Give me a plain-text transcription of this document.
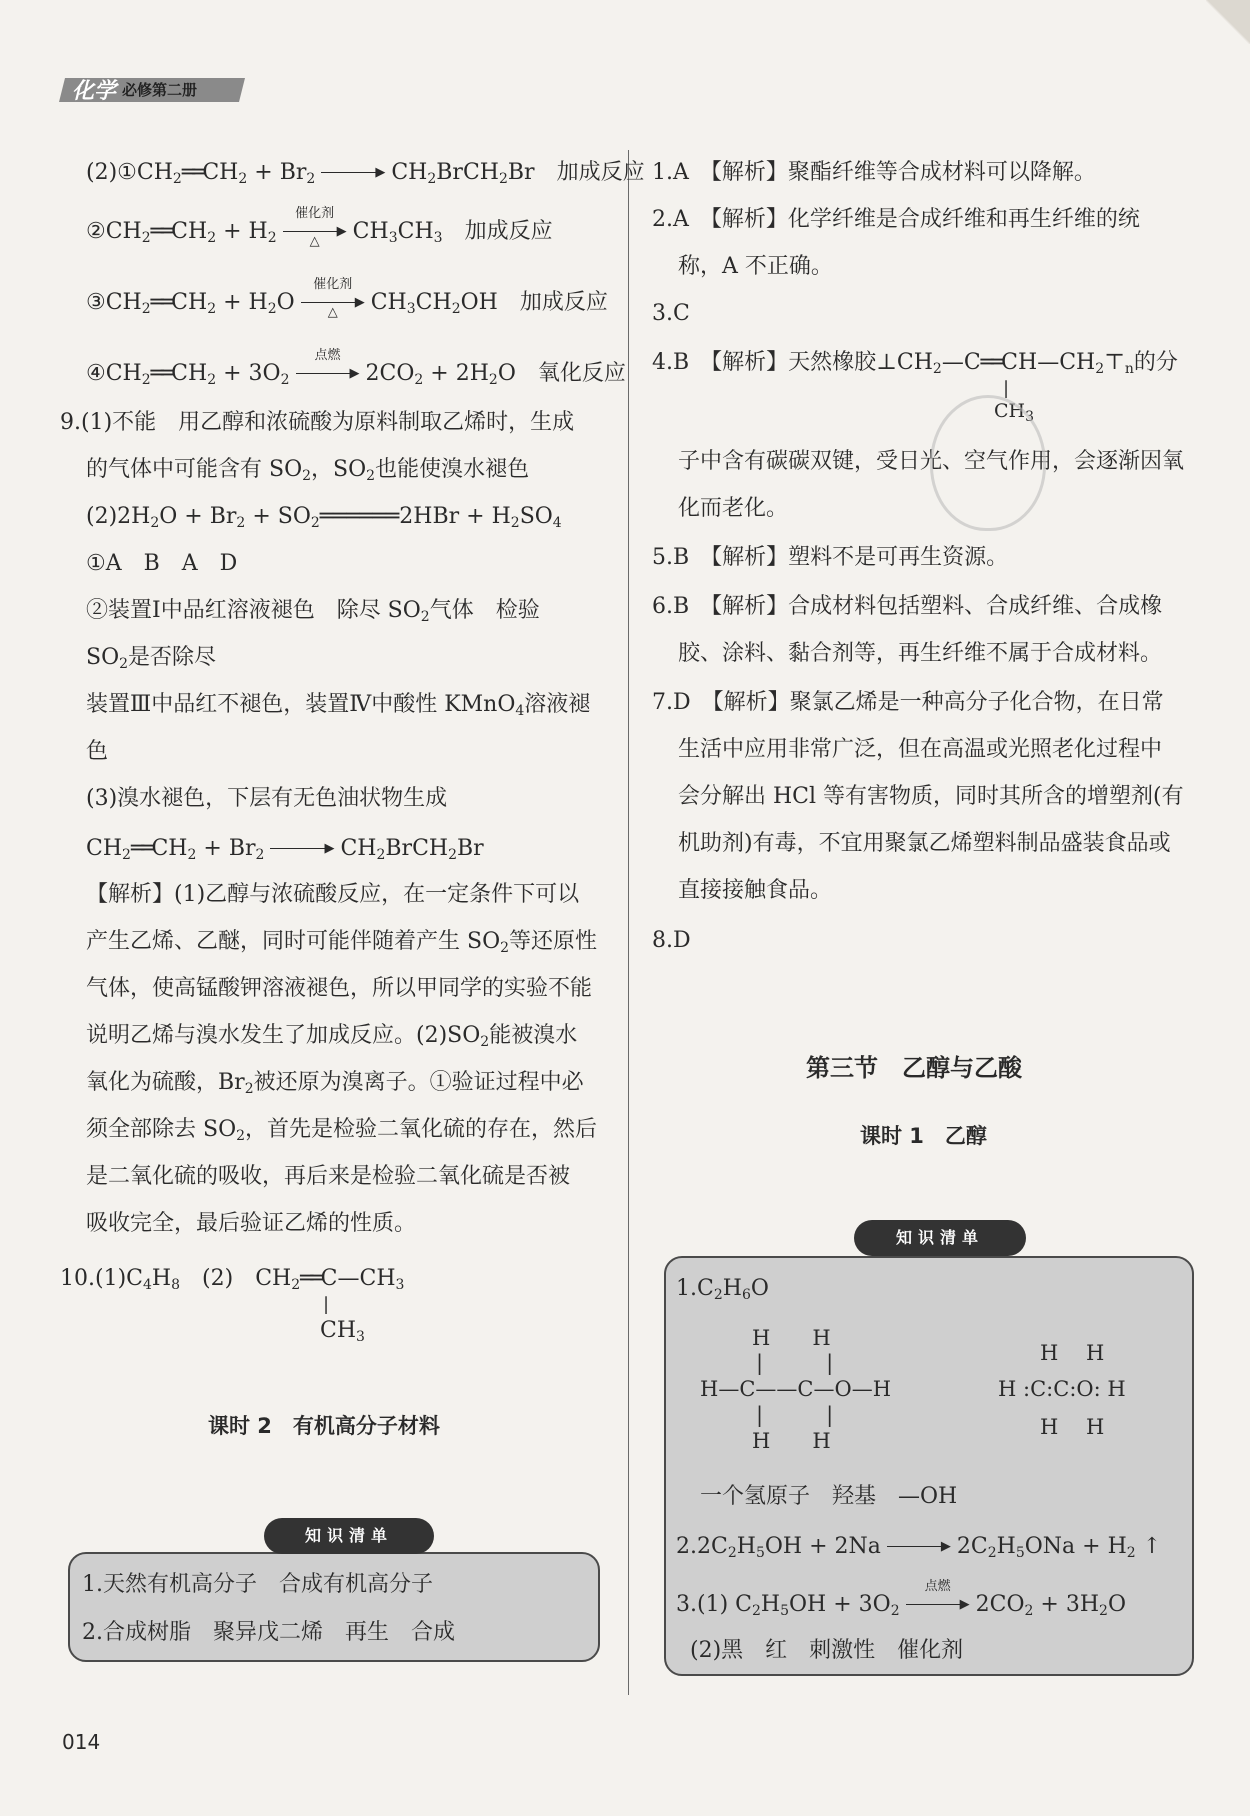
化学 必修第二册
$(2)①CH_2══CH_2 + Br_2$	▶ $CH_2BrCH_2Br$　 加成反应
$②CH_2══CH_2 + H_2$
催化剂
▶
△	$CH_3CH_3$　 加成反应
$③CH_2══CH_2 + H_2O$
催化剂
▶
△	$CH_3CH_2OH$　 加成反应
$④CH_2══CH_2 + 3O_2$
点燃
▶ $2CO_2 + 2H_2O$　 氧化反应
9.(1)不能　用乙醇和浓硫酸为原料制取乙烯时，生成
的气体中可能含有 $SO_2$，$SO_2$也能使溴水褪色
$(2)2H_2O + Br_2$ + $SO_2══════2HBr + H_2SO_4$
①A　B　A　D
②装置Ⅰ中品红溶液褪色　除尽 $SO_2$气体　检验
$SO_2$是否除尽
装置Ⅲ中品红不褪色，装置Ⅳ中酸性 KMnO$_4$溶液褪
色
(3)溴水褪色，下层有无色油状物生成
$CH_2══CH_2 + Br_2$	▶ $CH_2BrCH_2Br$
【解析】(1)乙醇与浓硫酸反应，在一定条件下可以
产生乙烯、乙醚，同时可能伴随着产生 $SO_2$等还原性
气体，使高锰酸钾溶液褪色，所以甲同学的实验不能
说明乙烯与溴水发生了加成反应。$(2)SO_2$能被溴水
氧化为硫酸，$Br_2$被还原为溴离子。①验证过程中必
须全部除去 $SO_2$，首先是检验二氧化硫的存在，然后
是二氧化硫的吸收，再后来是检验二氧化硫是否被
吸收完全，最后验证乙烯的性质。
$10.(1)C_4H_8$　 (2)　$CH_2══C—CH_3$
|
$CH_3$
课时 2　有机高分子材料
知识清单
1.天然有机高分子　合成有机高分子
2.合成树脂　聚异戊二烯　再生　合成
1.A　【解析】聚酯纤维等合成材料可以降解。
2.A　【解析】化学纤维是合成纤维和再生纤维的统
称，A 不正确。
3.C
4.B　【解析】天然橡胶$\perp CH_2—C══CH—CH_2⊤_n$的分
|
$CH_3$
子中含有碳碳双键，受日光、空气作用，会逐渐因氧
化而老化。
5.B　【解析】塑料不是可再生资源。
6.B　【解析】合成材料包括塑料、合成纤维、合成橡
胶、涂料、黏合剂等，再生纤维不属于合成材料。
7.D　【解析】聚氯乙烯是一种高分子化合物，在日常
生活中应用非常广泛，但在高温或光照老化过程中
会分解出 HCl 等有害物质，同时其所含的增塑剂(有
机助剂)有毒，不宜用聚氯乙烯塑料制品盛装食品或
直接接触食品。
8.D
第三节　乙醇与乙酸
课时 1　乙醇
知识清单
$1.C_2H_6O$
H　　 H
|　　　|
H—C——C—O—H
|　　　|
H　　 H
H　 H
H :C:C:O: H
H　 H
一个氢原子　羟基　—OH
$2.2C_2H_5OH + 2Na$	▶ $2C_2H_5ONa + H_2$ ↑
3.(1) $C_2H_5OH + 3O_2$
点燃
▶ $2CO_2 + 3H_2O$
(2)黑　红　刺激性　催化剂
014
